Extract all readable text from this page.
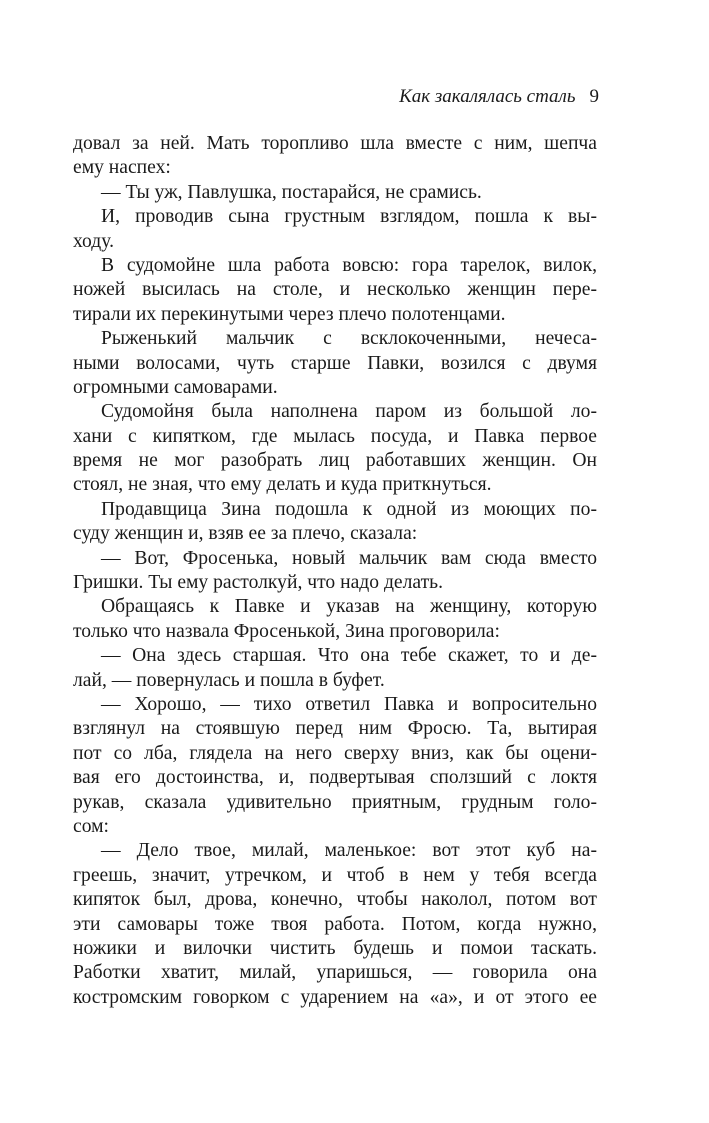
Как закалялась сталь 9
довал за ней. Мать торопливо шла вместе с ним, шепча
ему наспех:
— Ты уж, Павлушка, постарайся, не срамись.
И, проводив сына грустным взглядом, пошла к вы-
ходу.
В судомойне шла работа вовсю: гора тарелок, вилок,
ножей высилась на столе, и несколько женщин пере-
тирали их перекинутыми через плечо полотенцами.
Рыженький мальчик с всклокоченными, нечеса-
ными волосами, чуть старше Павки, возился с двумя
огромными самоварами.
Судомойня была наполнена паром из большой ло-
хани с кипятком, где мылась посуда, и Павка первое
время не мог разобрать лиц работавших женщин. Он
стоял, не зная, что ему делать и куда приткнуться.
Продавщица Зина подошла к одной из моющих по-
суду женщин и, взяв ее за плечо, сказала:
— Вот, Фросенька, новый мальчик вам сюда вместо
Гришки. Ты ему растолкуй, что надо делать.
Обращаясь к Павке и указав на женщину, которую
только что назвала Фросенькой, Зина проговорила:
— Она здесь старшая. Что она тебе скажет, то и де-
лай, — повернулась и пошла в буфет.
— Хорошо, — тихо ответил Павка и вопросительно
взглянул на стоявшую перед ним Фросю. Та, вытирая
пот со лба, глядела на него сверху вниз, как бы оцени-
вая его достоинства, и, подвертывая сползший с локтя
рукав, сказала удивительно приятным, грудным голо-
сом:
— Дело твое, милай, маленькое: вот этот куб на-
греешь, значит, утречком, и чтоб в нем у тебя всегда
кипяток был, дрова, конечно, чтобы наколол, потом вот
эти самовары тоже твоя работа. Потом, когда нужно,
ножики и вилочки чистить будешь и помои таскать.
Работки хватит, милай, упаришься, — говорила она
костромским говорком с ударением на «а», и от этого ее
